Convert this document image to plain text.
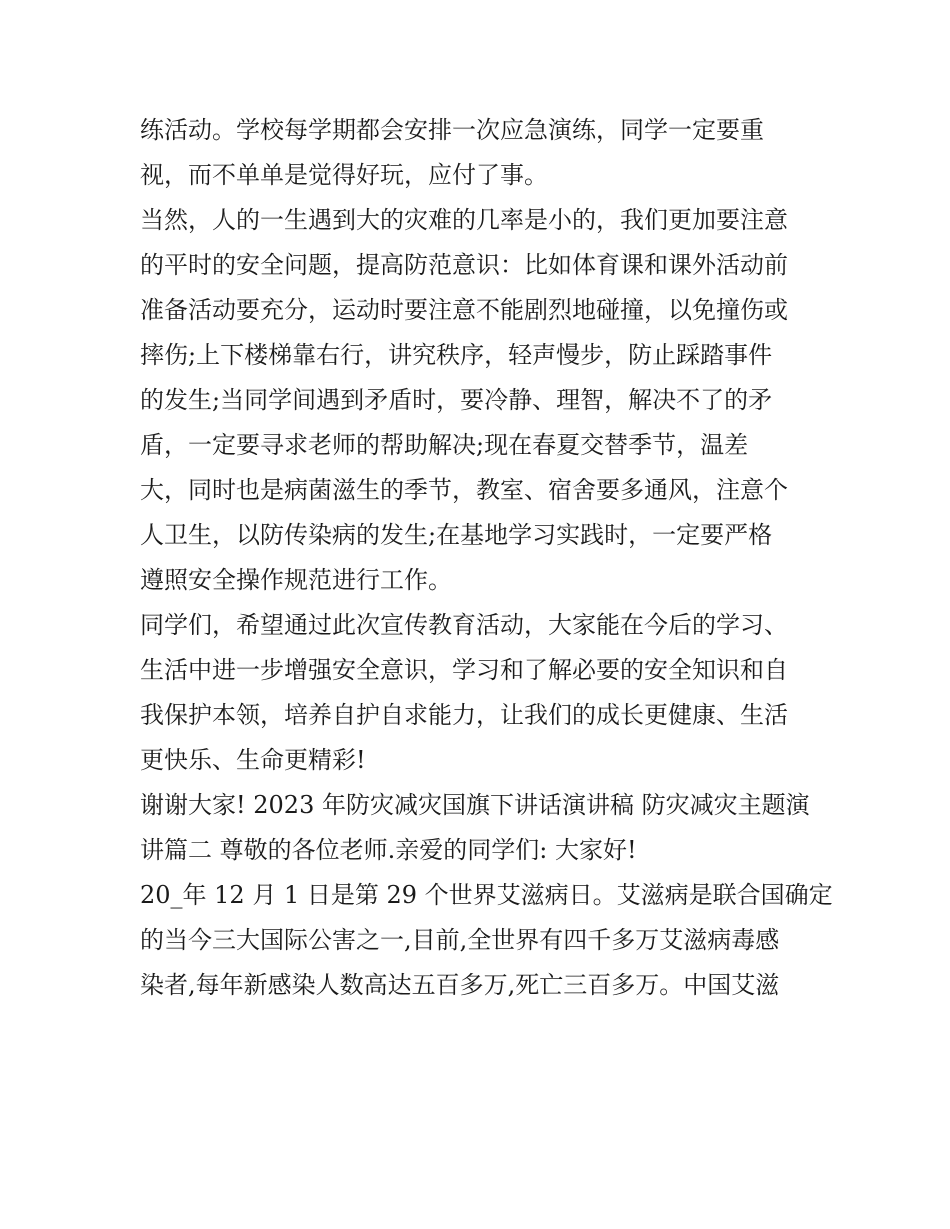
练活动。学校每学期都会安排一次应急演练，同学一定要重
视，而不单单是觉得好玩，应付了事。
当然，人的一生遇到大的灾难的几率是小的，我们更加要注意
的平时的安全问题，提高防范意识：比如体育课和课外活动前
准备活动要充分，运动时要注意不能剧烈地碰撞，以免撞伤或
摔伤;上下楼梯靠右行，讲究秩序，轻声慢步，防止踩踏事件
的发生;当同学间遇到矛盾时，要冷静、理智，解决不了的矛
盾，一定要寻求老师的帮助解决;现在春夏交替季节，温差
大，同时也是病菌滋生的季节，教室、宿舍要多通风，注意个
人卫生，以防传染病的发生;在基地学习实践时，一定要严格
遵照安全操作规范进行工作。
同学们，希望通过此次宣传教育活动，大家能在今后的学习、
生活中进一步增强安全意识，学习和了解必要的安全知识和自
我保护本领，培养自护自求能力，让我们的成长更健康、生活
更快乐、生命更精彩!
谢谢大家! 2023 年防灾减灾国旗下讲话演讲稿 防灾减灾主题演
讲篇二 尊敬的各位老师.亲爱的同学们: 大家好!
20_年 12 月 1 日是第 29 个世界艾滋病日。艾滋病是联合国确定
的当今三大国际公害之一,目前,全世界有四千多万艾滋病毒感
染者,每年新感染人数高达五百多万,死亡三百多万。中国艾滋
